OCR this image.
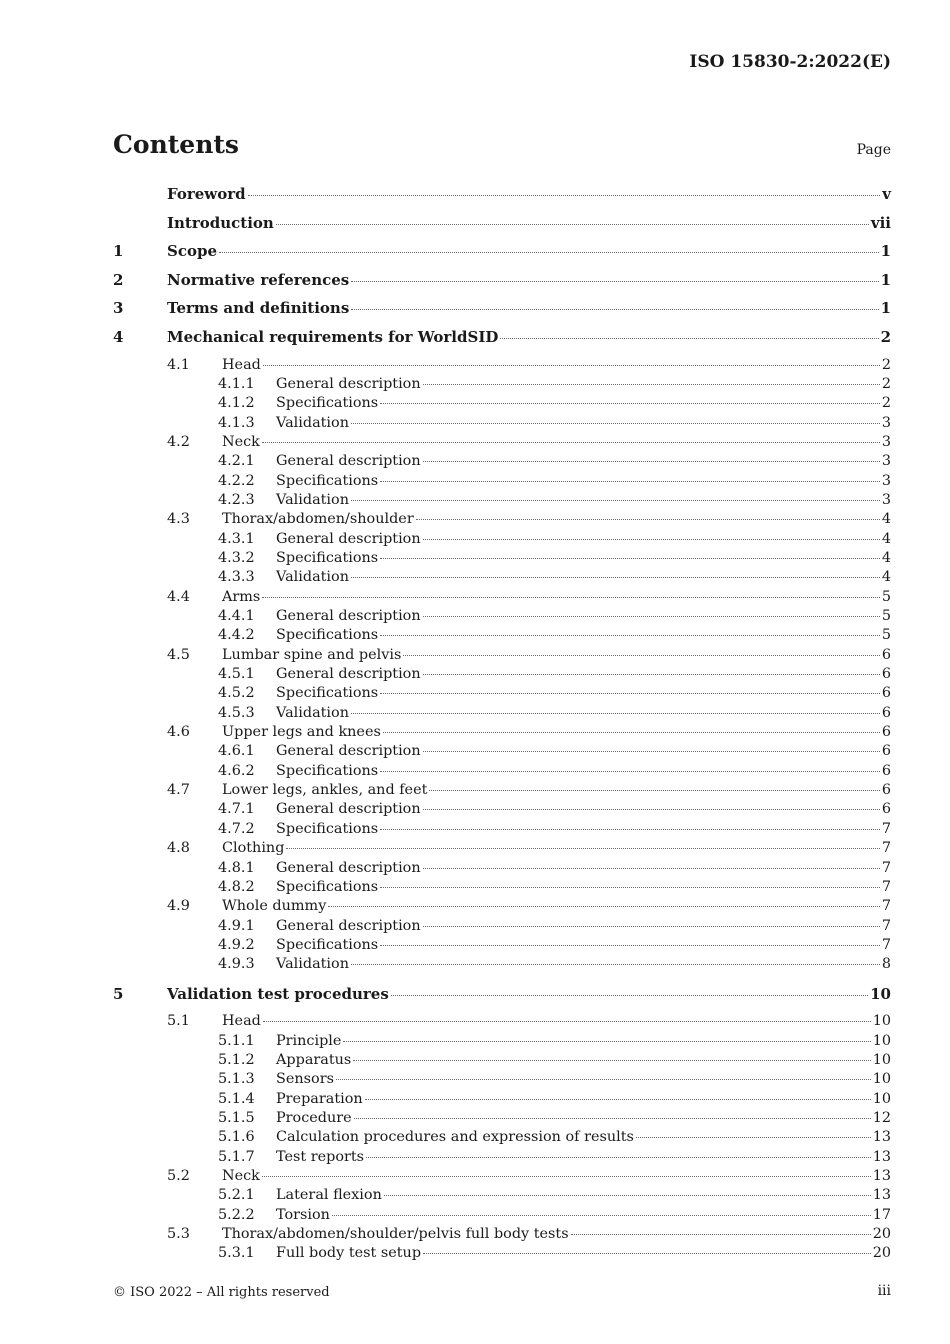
ISO 15830-2:2022(E)
Contents	Page
Foreword	v
Introduction	vii
1	Scope	1
2	Normative references	1
3	Terms and definitions	1
4	Mechanical requirements for WorldSID	2
4.1	Head	2
4.1.1	General description	2
4.1.2	Specifications	2
4.1.3	Validation	3
4.2	Neck	3
4.2.1	General description	3
4.2.2	Specifications	3
4.2.3	Validation	3
4.3	Thorax/abdomen/shoulder	4
4.3.1	General description	4
4.3.2	Specifications	4
4.3.3	Validation	4
4.4	Arms	5
4.4.1	General description	5
4.4.2	Specifications	5
4.5	Lumbar spine and pelvis	6
4.5.1	General description	6
4.5.2	Specifications	6
4.5.3	Validation	6
4.6	Upper legs and knees	6
4.6.1	General description	6
4.6.2	Specifications	6
4.7	Lower legs, ankles, and feet	6
4.7.1	General description	6
4.7.2	Specifications	7
4.8	Clothing	7
4.8.1	General description	7
4.8.2	Specifications	7
4.9	Whole dummy	7
4.9.1	General description	7
4.9.2	Specifications	7
4.9.3	Validation	8
5	Validation test procedures	10
5.1	Head	10
5.1.1	Principle	10
5.1.2	Apparatus	10
5.1.3	Sensors	10
5.1.4	Preparation	10
5.1.5	Procedure	12
5.1.6	Calculation procedures and expression of results	13
5.1.7	Test reports	13
5.2	Neck	13
5.2.1	Lateral flexion	13
5.2.2	Torsion	17
5.3	Thorax/abdomen/shoulder/pelvis full body tests	20
5.3.1	Full body test setup	20
© ISO 2022 – All rights reserved	iii
